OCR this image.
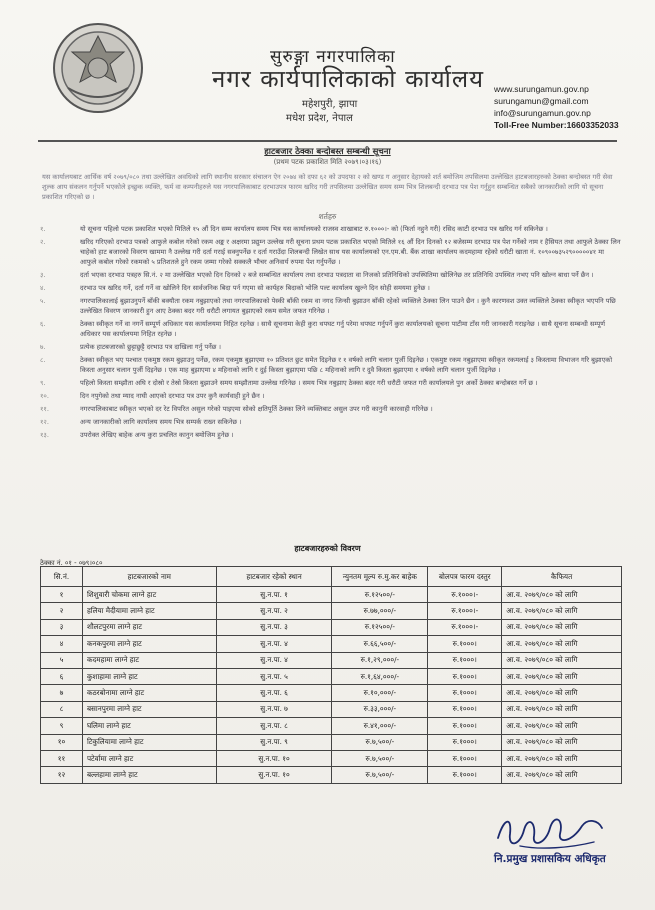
सुरुङ्गा नगरपालिका
नगर कार्यपालिकाको कार्यालय
महेशपुरी, झापा
मधेश प्रदेश, नेपाल
www.surungamun.gov.np
surungamun@gmail.com
info@surungamun.gov.np
Toll-Free Number:16603352033
हाटबजार ठेक्का बन्दोबस्त सम्बन्धी सूचना
(प्रथम पटक प्रकाशित मिति २०७९।०३।१६)
यस कार्यालयबाट आर्थिक वर्ष २०७९/०८० तथा उल्लेखित अवधिको लागि स्थानीय सरकार संचालन ऐन २०७४ को दफा ६२ को उपदफा २ को खण्ड ग अनुसार देहायको शर्त बमोजिम तपसिलमा उल्लेखित हाटबजारहरुको ठेक्का बन्दोबस्त गरी सेवा शुल्क आय संकलन गर्नुपर्ने भएकोले इच्छुक व्यक्ति, फर्म वा कम्पनीहरुले यस नगरपालिकाबाट दरभाउपत्र फारम खरिद गरी तपसिलमा उल्लेखित समय सम्म भित्र शिलबन्दी दरभाउ पत्र पेश गर्नुहुन सम्बन्धित सबैको जानकारीको लागि यो सूचना प्रकाशित गरिएको छ ।
शर्तहरु
१.	यो सूचना पहिलो पटक प्रकाशित भएको मितिले १५ औं दिन सम्म कार्यालय समय भित्र यस कार्यालयको राजस्व शाखाबाट रु.१०००।- को (फिर्ता नहुने गरी) रसिद काटी दरभाउ पत्र खरिद गर्न सकिनेछ ।
२.	खरिद गरिएको दरभाउ पत्रको आफुले कबोल गरेको रकम अङ्क र अक्षरमा प्रद्युम्न उल्लेख गरी सूचना प्रथम पटक प्रकाशित भएको मितिले १६ औं दिन दिनको १२ बजेसम्म दरभाउ पत्र पेश गर्नेको नाम र हैसियत तथा आफुले ठेक्का लिन चाहेको हाट बजारको विवरण खाममा नै उल्लेख गरी दर्ता गराई सक्नुपर्नेछ र दर्ता गराउँदा शिलबन्दी लिखेत साथ यस कार्यालयको एन.एम.बी. बैंक शाखा कार्यालय कदमहामा रहेको धरौटी खाता नं. १०९००७३५२९०००००४१ मा आफुले कबोल गरेको रकमको ५ प्रतिशतले हुने रकम जम्मा गरेको सक्कलै भौचर अनिवार्य रुपमा पेश गर्नुपर्नेछ ।
३.	दर्ता भएका दरभाउ पत्रहरु सि.नं. २ मा उल्लेखित भएको दिन दिनको २ बजे सम्बन्धित कार्यालय तथा दरभाउ पत्रदाता वा निजको प्रतिनिधिको उपस्थितिमा खोलिनेछ तर प्रतिनिधि उपस्थित नभए पनि खोल्न बाधा पर्ने छैन ।
४.	दरभाउ पत्र खरिद गर्ने, दर्ता गर्ने वा खोलिने दिन सार्वजनिक बिदा पर्न गएमा सो कार्यहरु बिदाको भोलि पल्ट कार्यालय खुल्ने दिन सोही समयमा हुनेछ ।
५.	नगरपालिकालाई बुझाउनुपर्ने बाँकी बक्यौता रकम नबुझाएको तथा नगरपालिकाको पेस्की बाँकी रकम वा नगद जिन्सी बुझाउन बाँकी रहेको व्यक्तिले ठेक्का लिन पाउने छैन । कुनै कारणवश उक्त व्यक्तिले ठेक्का स्वीकृत भएपनि पछि उल्लेखित विवरण जानकारी हुन आए ठेक्का बदर गरी धरौटी लगायत बुझाएको रकम समेत जफत गरिनेछ ।
६.	ठेक्का स्वीकृत गर्ने वा नगर्ने सम्पूर्ण अधिकार यस कार्यालयमा निहित रहनेछ । साथै सूचनामा केही कुरा थपघट गर्नु परेमा थपघट गर्नुपर्ने कुरा कार्यालयको सूचना पाटीमा टाँस गरी जानकारी गराइनेछ । साथै सूचना सम्बन्धी सम्पूर्ण अधिकार यस कार्यालयमा निहित रहनेछ ।
७.	प्रत्येक हाटबजारको छुट्टाछुट्टै दरभाउ पत्र दाखिला गर्नु पर्नेछ ।
८.	ठेक्का स्वीकृत भए पश्चात एकमुष्ठ रकम बुझाउनु पर्नेछ, रकम एकमुष्ठ बुझाएमा १० प्रतिशत छुट समेत दिइनेछ र १ वर्षको लागि चलान पुर्जी दिइनेछ । एकमुष्ट रकम नबुझाएमा स्वीकृत रकमलाई ३ किस्तामा विभाजन गरि बुझाएको किस्ता अनुसार चलान पुर्जी दिइनेछ । एक माह बुझाएमा ४ महिनाको लागि र दुई किस्ता बुझाएमा पछि ८ महिनाको लागि र दुवै किस्ता बुझाएमा १ वर्षको लागि चलान पुर्जी दिइनेछ ।
९.	पहिलो किस्ता सम्झौता अघि र दोस्रो र तेस्रो किस्ता बुझाउने समय सम्झौतामा उल्लेख गरिनेछ । समय भित्र नबुझाए ठेक्का बदर गरी धरौटी जफत गरी कार्यालयले पुन अर्को ठेक्का बन्दोबस्त गर्ने छ ।
१०.	दिन नपुगेको तथा म्याद नाघी आएको दरभाउ पत्र उपर कुनै कार्यवाही हुने छैन ।
११.	नगरपालिकाबाट स्वीकृत भएको दर रेट विपरित असुल गरेको पाइएमा सोको क्षतिपूर्ति ठेक्का लिने व्यक्तिबाट असुल उपर गरी कानुनी कारवाही गरिनेछ ।
१२.	अन्य जानकारीको लागि कार्यालय समय भित्र सम्पर्क राख्न सकिनेछ ।
१३.	उपरोक्त लेखिए बाहेक अन्य कुरा प्रचलित कानुन बमोजिम हुनेछ ।
हाटबजारहरुको विवरण
ठेक्का नं. ०१ - ०७९।०८०
सि.नं.	हाटबजारको नाम	हाटबजार रहेको स्थान	न्युनतम मूल्य रु.मु.कर बाहेक	बोलपत्र फारम दस्तुर	कैफियत
१	शिशुवारी चोकमा लाग्ने हाट	सु.न.पा. १	रु.१२५००/-	रु.१०००।-	आ.व. २०७९/०८० को लागि
२	हलिया मैदीयामा लाग्ने हाट	सु.न.पा. २	रु.७७,०००/-	रु.१०००।-	आ.व. २०७९/०८० को लागि
३	शौलटपुरमा लाग्ने हाट	सु.न.पा. ३	रु.१२५००/-	रु.१०००।-	आ.व. २०७९/०८० को लागि
४	कनकपुरमा लाग्ने हाट	सु.न.पा. ४	रु.६६,५००/-	रु.१०००।	आ.व. २०७९/०८० को लागि
५	कदमहामा लाग्ने हाट	सु.न.पा. ४	रु.१,२९,०००/-	रु.१०००।	आ.व. २०७९/०८० को लागि
६	कुशाहामा लाग्ने हाट	सु.न.पा. ५	रु.१,६४,०००/-	रु.१०००।	आ.व. २०७९/०८० को लागि
७	कठरबोनामा लाग्ने हाट	सु.न.पा. ६	रु.१०,०००/-	रु.१०००।	आ.व. २०७९/०८० को लागि
८	बसानपुरमा लाग्ने हाट	सु.न.पा. ७	रु.३३,०००/-	रु.१०००।	आ.व. २०७९/०८० को लागि
९	घलिमा लाग्ने हाट	सु.न.पा. ८	रु.४१,०००/-	रु.१०००।	आ.व. २०७९/०८० को लागि
१०	टिकुलियामा लाग्ने हाट	सु.न.पा. ९	रु.७,५००/-	रु.१०००।	आ.व. २०७९/०८० को लागि
११	पटेर्वामा लाग्ने हाट	सु.न.पा. १०	रु.७,५००/-	रु.१०००।	आ.व. २०७९/०८० को लागि
१२	बल्लहामा लाग्ने हाट	सु.न.पा. १०	रु.७,५००/-	रु.१०००।	आ.व. २०७९/०८० को लागि
नि.प्रमुख प्रशासकिय अधिकृत
